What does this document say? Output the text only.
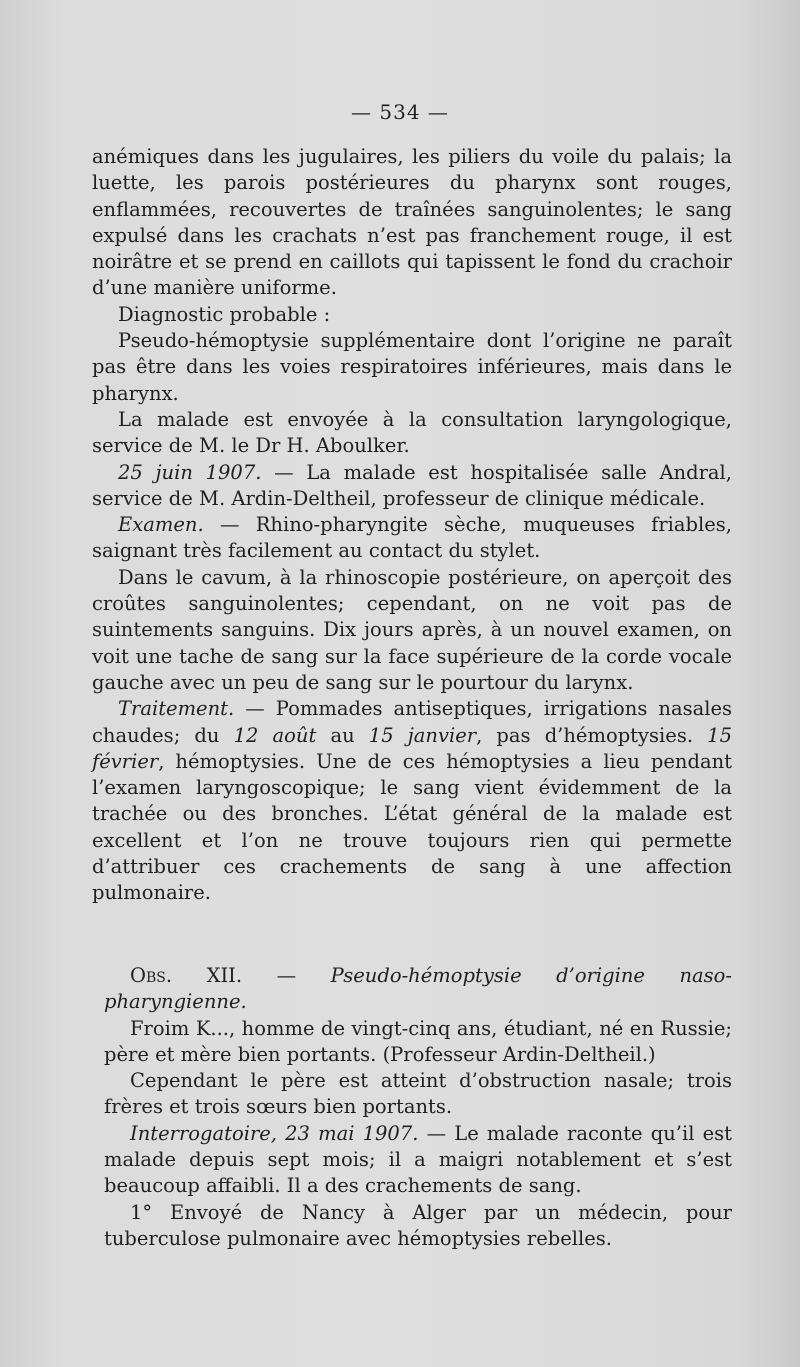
— 534 —

anémiques dans les jugulaires, les piliers du voile du palais; la luette, les parois postérieures du pharynx sont rouges, enflammées, recouvertes de traînées sanguinolentes; le sang expulsé dans les crachats n’est pas franchement rouge, il est noirâtre et se prend en caillots qui tapissent le fond du crachoir d’une manière uniforme.

Diagnostic probable :

Pseudo-hémoptysie supplémentaire dont l’origine ne paraît pas être dans les voies respiratoires inférieures, mais dans le pharynx.

La malade est envoyée à la consultation laryngologique, service de M. le Dr H. Aboulker.

25 juin 1907. — La malade est hospitalisée salle Andral, service de M. Ardin-Deltheil, professeur de clinique médicale.

Examen. — Rhino-pharyngite sèche, muqueuses friables, saignant très facilement au contact du stylet.

Dans le cavum, à la rhinoscopie postérieure, on aperçoit des croûtes sanguinolentes; cependant, on ne voit pas de suintements sanguins. Dix jours après, à un nouvel examen, on voit une tache de sang sur la face supérieure de la corde vocale gauche avec un peu de sang sur le pourtour du larynx.

Traitement. — Pommades antiseptiques, irrigations nasales chaudes; du 12 août au 15 janvier, pas d’hémoptysies. 15 février, hémoptysies. Une de ces hémoptysies a lieu pendant l’examen laryngoscopique; le sang vient évidemment de la trachée ou des bronches. L’état général de la malade est excellent et l’on ne trouve toujours rien qui permette d’attribuer ces crachements de sang à une affection pulmonaire.

Obs. XII. — Pseudo-hémoptysie d’origine naso-pharyngienne.

Froim K..., homme de vingt-cinq ans, étudiant, né en Russie; père et mère bien portants. (Professeur Ardin-Deltheil.)

Cependant le père est atteint d’obstruction nasale; trois frères et trois sœurs bien portants.

Interrogatoire, 23 mai 1907. — Le malade raconte qu’il est malade depuis sept mois; il a maigri notablement et s’est beaucoup affaibli. Il a des crachements de sang.

1° Envoyé de Nancy à Alger par un médecin, pour tuberculose pulmonaire avec hémoptysies rebelles.
